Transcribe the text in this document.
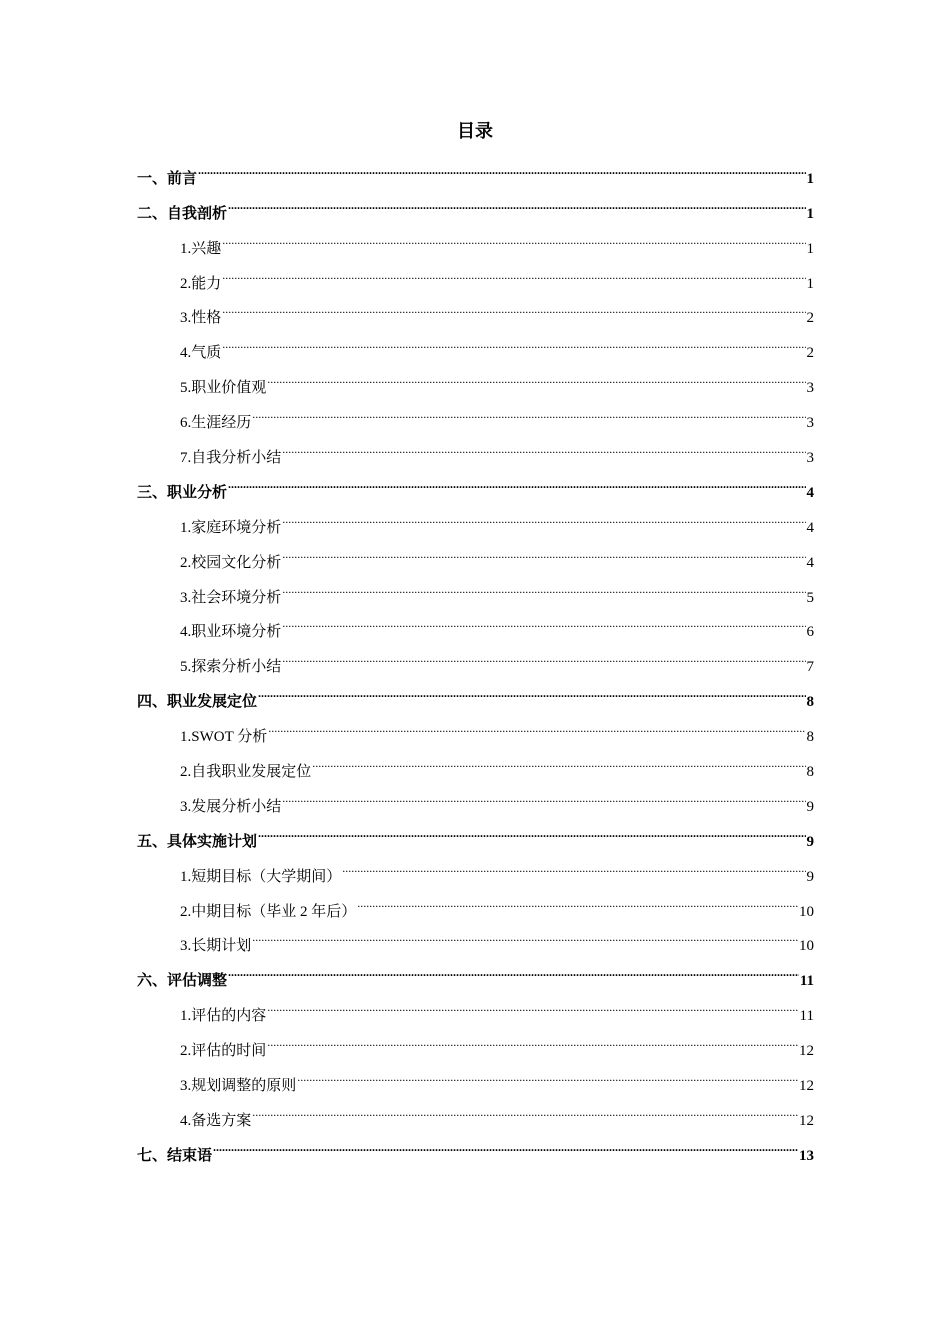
目录
一、前言 .....	1
二、自我剖析 .....	1
1.兴趣 .....	1
2.能力 .....	1
3.性格 .....	2
4.气质 .....	2
5.职业价值观 .....	3
6.生涯经历 .....	3
7.自我分析小结 .....	3
三、职业分析 .....	4
1.家庭环境分析 .....	4
2.校园文化分析 .....	4
3.社会环境分析 .....	5
4.职业环境分析 .....	6
5.探索分析小结 .....	7
四、职业发展定位 .....	8
1.SWOT 分析 .....	8
2.自我职业发展定位 .....	8
3.发展分析小结 .....	9
五、具体实施计划 .....	9
1.短期目标（大学期间） .....	9
2.中期目标（毕业 2 年后） .....	10
3.长期计划 .....	10
六、评估调整 .....	11
1.评估的内容 .....	11
2.评估的时间 .....	12
3.规划调整的原则 .....	12
4.备选方案 .....	12
七、结束语 .....	13
